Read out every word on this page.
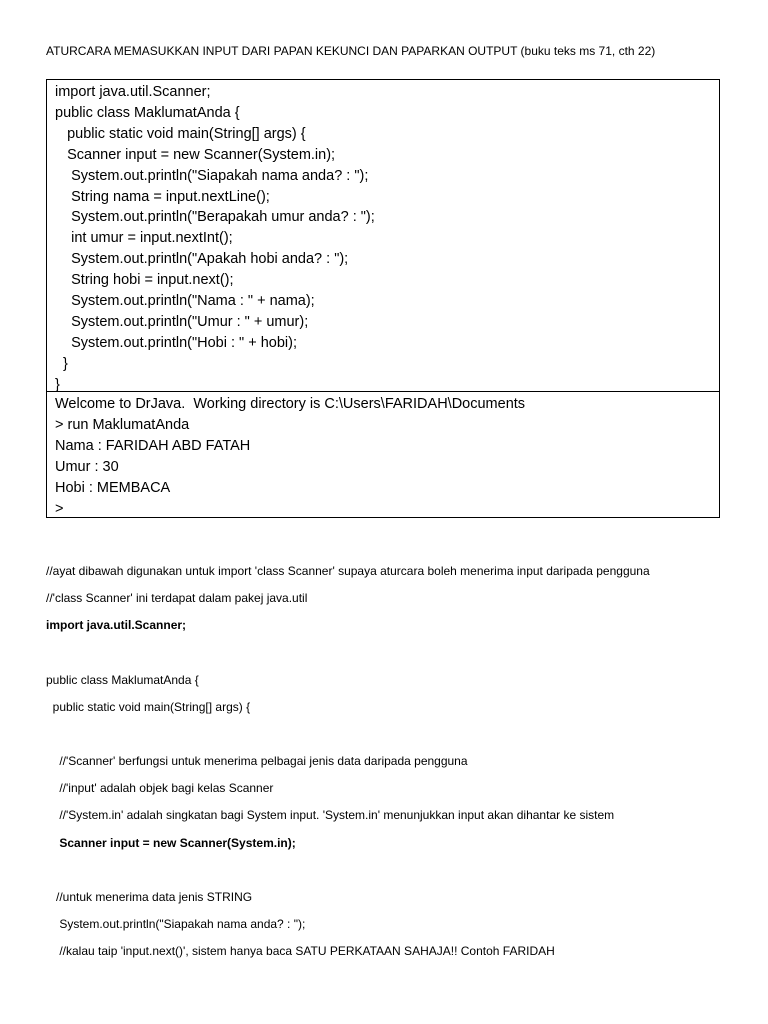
ATURCARA MEMASUKKAN INPUT DARI PAPAN KEKUNCI DAN PAPARKAN OUTPUT (buku teks ms 71, cth 22)
import java.util.Scanner;
public class MaklumatAnda {
public static void main(String[] args) {
Scanner input = new Scanner(System.in);
System.out.println("Siapakah nama anda? : ");
String nama = input.nextLine();
System.out.println("Berapakah umur anda? : ");
int umur = input.nextInt();
System.out.println("Apakah hobi anda? : ");
String hobi = input.next();
System.out.println("Nama : " + nama);
System.out.println("Umur : " + umur);
System.out.println("Hobi : " + hobi);
}
}
Welcome to DrJava.  Working directory is C:\Users\FARIDAH\Documents
> run MaklumatAnda
Nama : FARIDAH ABD FATAH
Umur : 30
Hobi : MEMBACA
>
//ayat dibawah digunakan untuk import 'class Scanner' supaya aturcara boleh menerima input daripada pengguna
//'class Scanner' ini terdapat dalam pakej java.util
import java.util.Scanner;
public class MaklumatAnda {
public static void main(String[] args) {
//'Scanner' berfungsi untuk menerima pelbagai jenis data daripada pengguna
//'input' adalah objek bagi kelas Scanner
//'System.in' adalah singkatan bagi System input. 'System.in' menunjukkan input akan dihantar ke sistem
Scanner input = new Scanner(System.in);
//untuk menerima data jenis STRING
System.out.println("Siapakah nama anda? : ");
//kalau taip 'input.next()', sistem hanya baca SATU PERKATAAN SAHAJA!! Contoh FARIDAH
